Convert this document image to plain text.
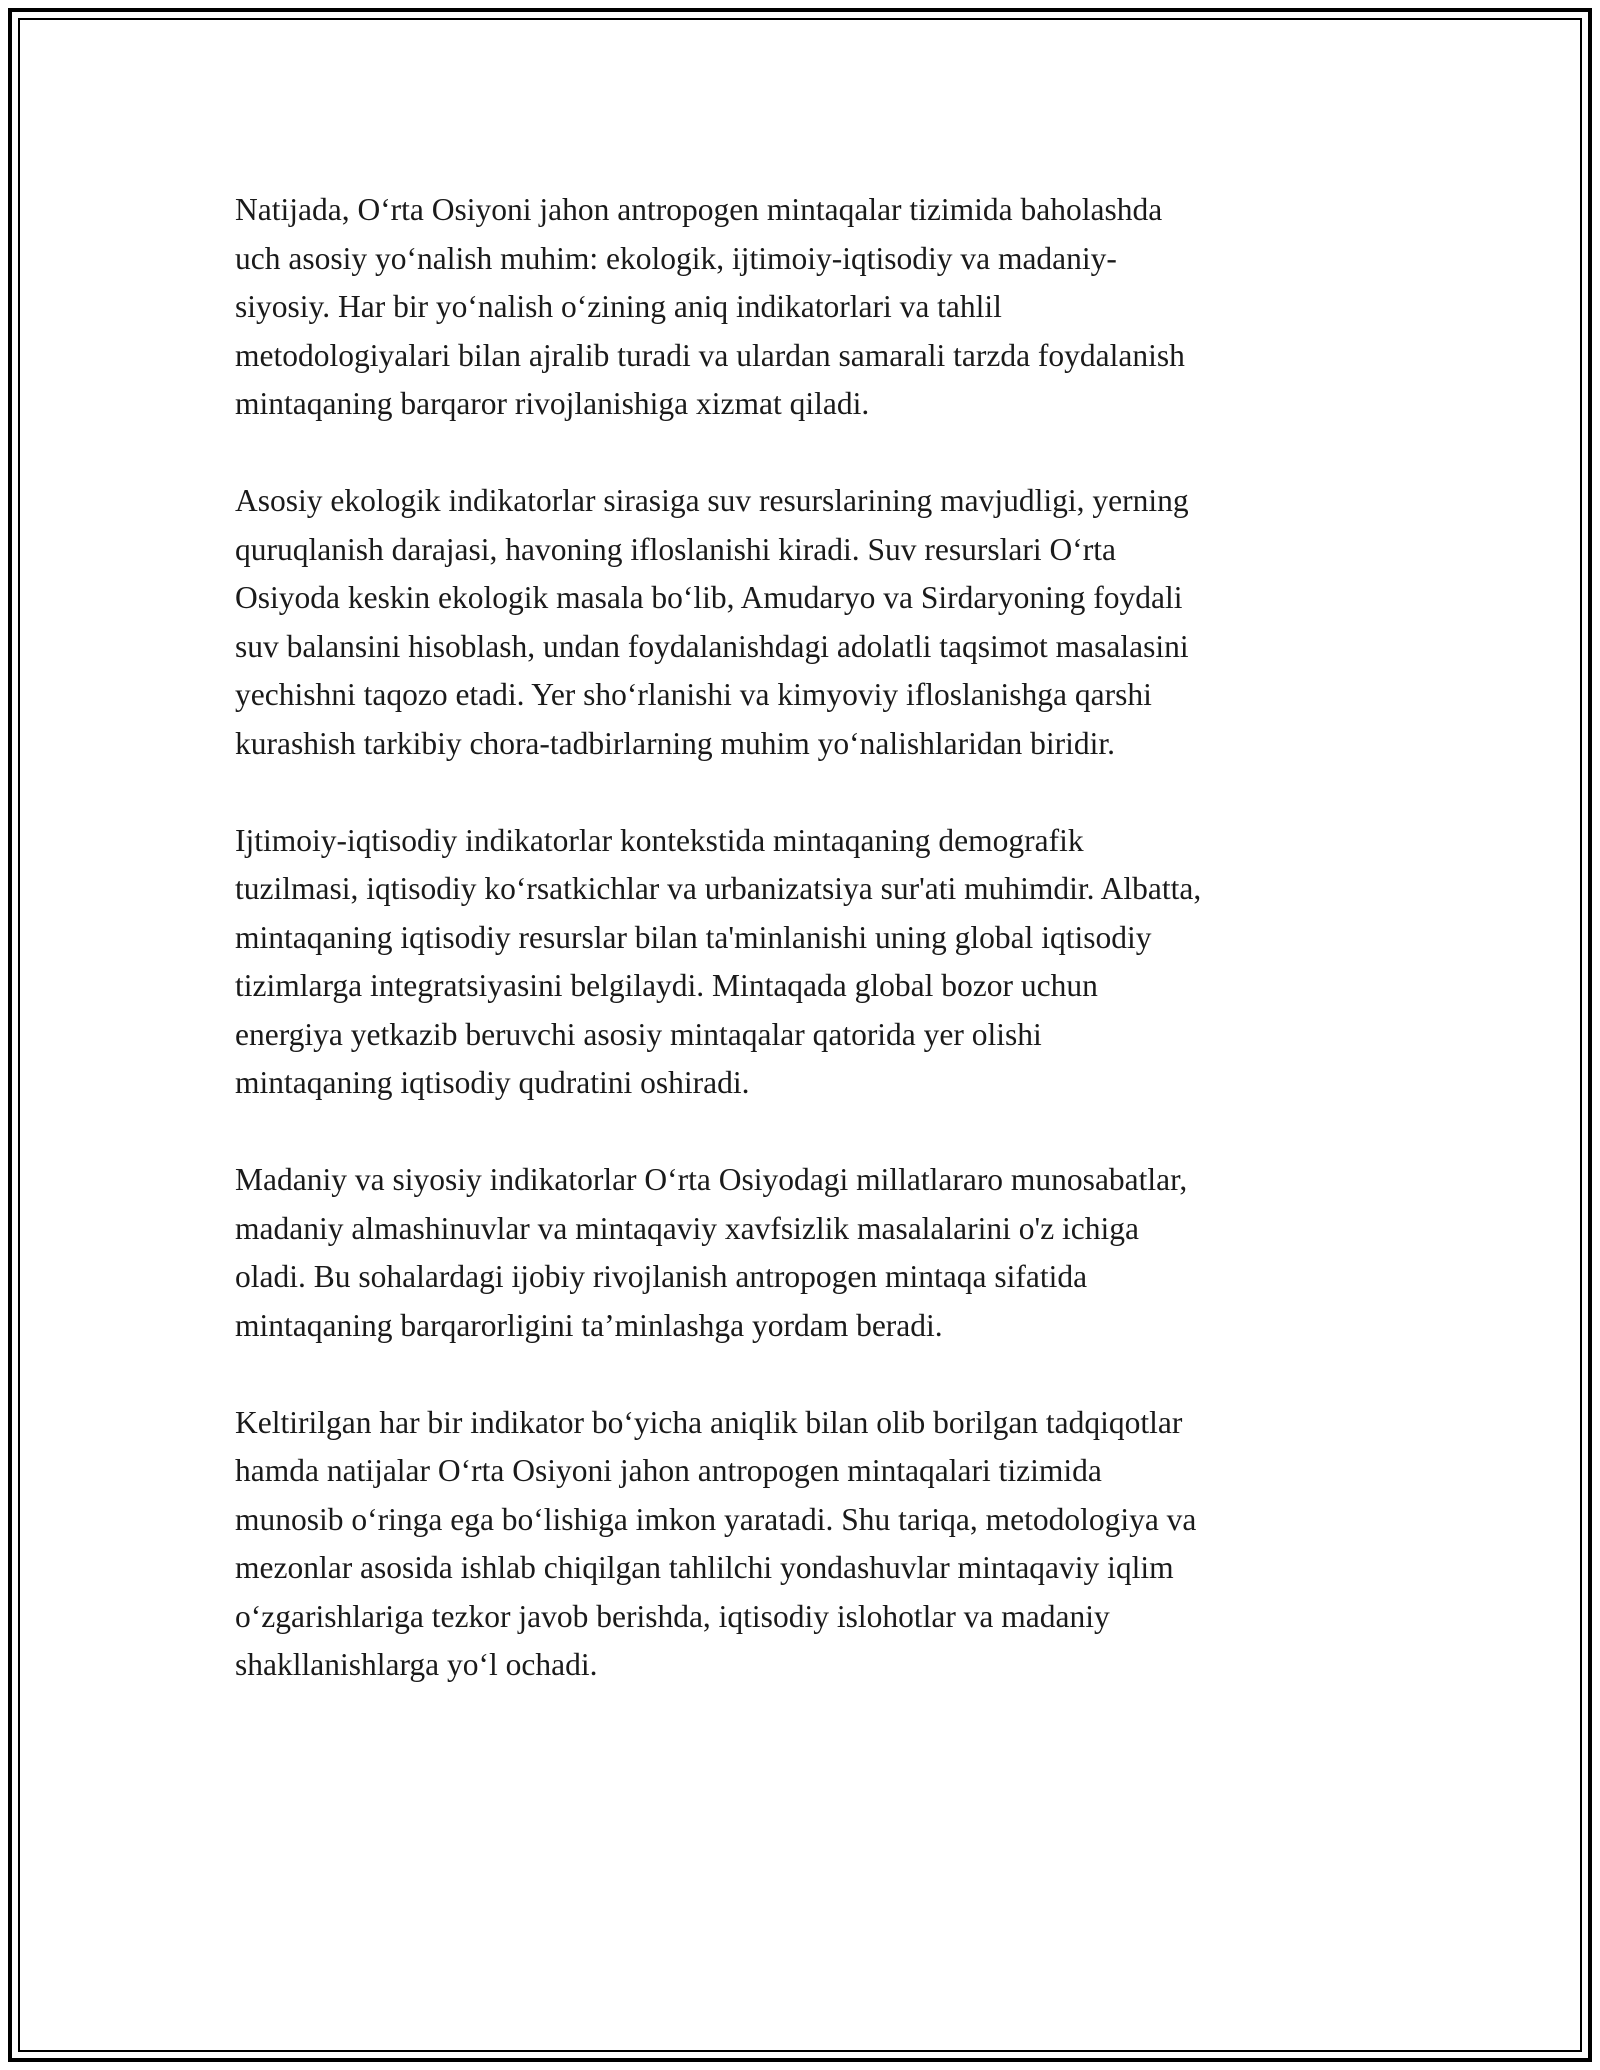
Natijada, O‘rta Osiyoni jahon antropogen mintaqalar tizimida baholashda
uch asosiy yo‘nalish muhim: ekologik, ijtimoiy-iqtisodiy va madaniy-
siyosiy. Har bir yo‘nalish o‘zining aniq indikatorlari va tahlil
metodologiyalari bilan ajralib turadi va ulardan samarali tarzda foydalanish
mintaqaning barqaror rivojlanishiga xizmat qiladi.

Asosiy ekologik indikatorlar sirasiga suv resurslarining mavjudligi, yerning
quruqlanish darajasi, havoning ifloslanishi kiradi. Suv resurslari O‘rta
Osiyoda keskin ekologik masala bo‘lib, Amudaryo va Sirdaryoning foydali
suv balansini hisoblash, undan foydalanishdagi adolatli taqsimot masalasini
yechishni taqozo etadi. Yer sho‘rlanishi va kimyoviy ifloslanishga qarshi
kurashish tarkibiy chora-tadbirlarning muhim yo‘nalishlaridan biridir.

Ijtimoiy-iqtisodiy indikatorlar kontekstida mintaqaning demografik
tuzilmasi, iqtisodiy ko‘rsatkichlar va urbanizatsiya sur'ati muhimdir. Albatta,
mintaqaning iqtisodiy resurslar bilan ta'minlanishi uning global iqtisodiy
tizimlarga integratsiyasini belgilaydi. Mintaqada global bozor uchun
energiya yetkazib beruvchi asosiy mintaqalar qatorida yer olishi
mintaqaning iqtisodiy qudratini oshiradi.

Madaniy va siyosiy indikatorlar O‘rta Osiyodagi millatlararo munosabatlar,
madaniy almashinuvlar va mintaqaviy xavfsizlik masalalarini o'z ichiga
oladi. Bu sohalardagi ijobiy rivojlanish antropogen mintaqa sifatida
mintaqaning barqarorligini ta’minlashga yordam beradi.

Keltirilgan har bir indikator bo‘yicha aniqlik bilan olib borilgan tadqiqotlar
hamda natijalar O‘rta Osiyoni jahon antropogen mintaqalari tizimida
munosib o‘ringa ega bo‘lishiga imkon yaratadi. Shu tariqa, metodologiya va
mezonlar asosida ishlab chiqilgan tahlilchi yondashuvlar mintaqaviy iqlim
o‘zgarishlariga tezkor javob berishda, iqtisodiy islohotlar va madaniy
shakllanishlarga yo‘l ochadi.
